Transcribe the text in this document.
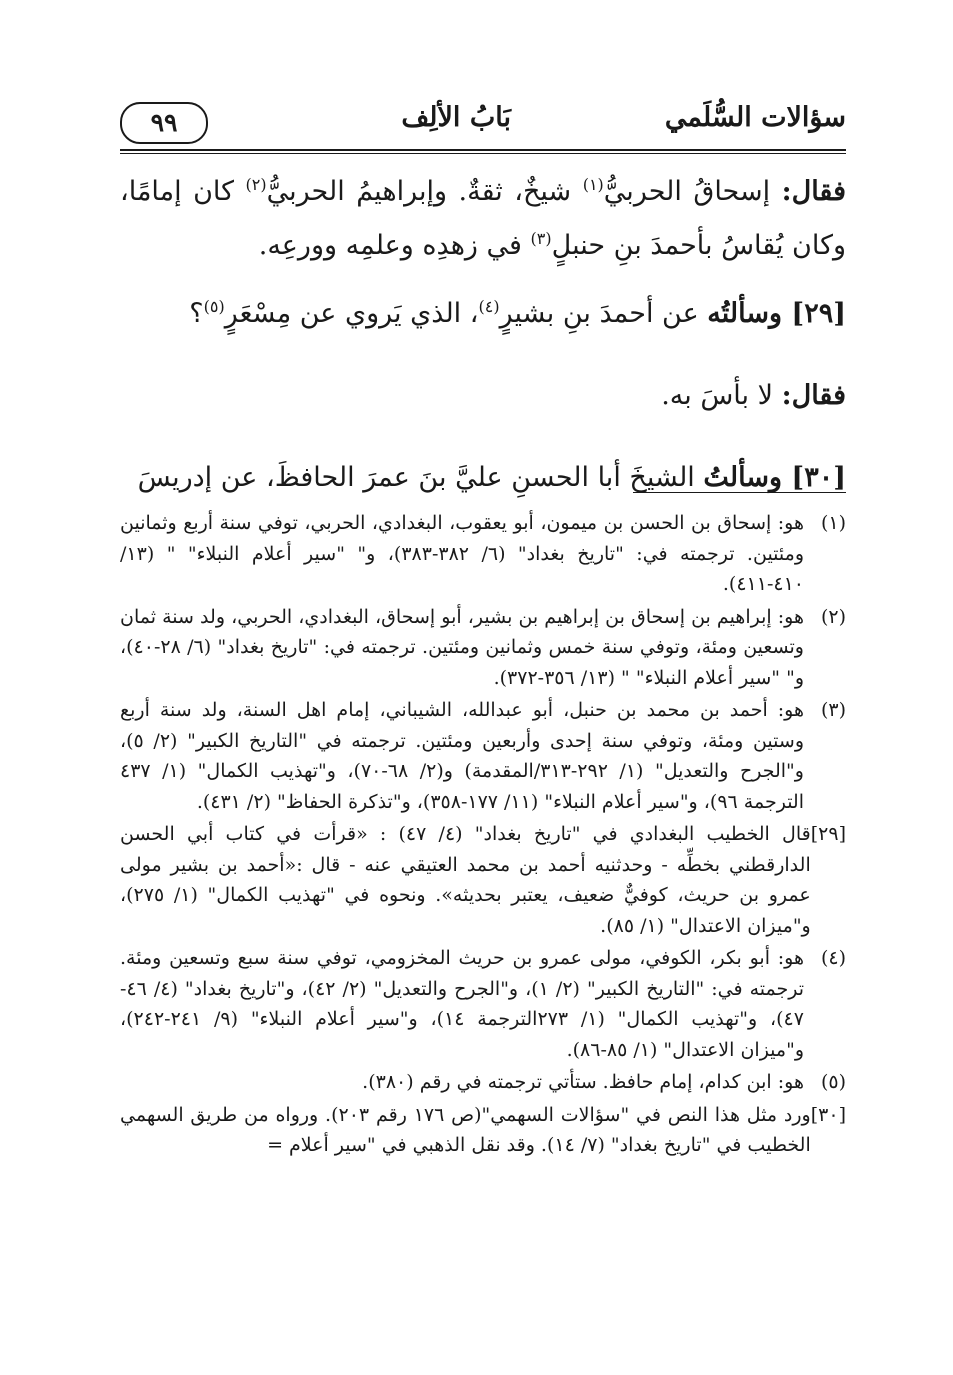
سؤالات السُّلَمي
بَابُ الألِف
٩٩

فقال: إسحاقُ الحربيُّ$^{(١)}$ شيخٌ، ثقةٌ. وإبراهيمُ الحربيُّ$^{(٢)}$ كان إمامًا، وكان يُقاسُ بأحمدَ بنِ حنبلٍ$^{(٣)}$ في زهدِه وعلمِه وورعِه.

[٢٩] وسألتُه عن أحمدَ بنِ بشيرٍ$^{(٤)}$، الذي يَروي عن مِسْعَرٍ$^{(٥)}$؟

فقال: لا بأسَ به.

[٣٠] وسألتُ الشيخَ أبا الحسنِ عليَّ بنَ عمرَ الحافظَ، عن إدريسَ

(١)
هو: إسحاق بن الحسن بن ميمون، أبو يعقوب، البغدادي، الحربي، توفي سنة أربع وثمانين ومئتين. ترجمته في: "تاريخ بغداد" (٦/ ٣٨٢-٣٨٣)، و" "سير أعلام النبلاء" " (١٣/ ٤١٠-٤١١).
(٢)
هو: إبراهيم بن إسحاق بن إبراهيم بن بشير، أبو إسحاق، البغدادي، الحربي، ولد سنة ثمان وتسعين ومئة، وتوفي سنة خمس وثمانين ومئتين. ترجمته في: "تاريخ بغداد" (٦/ ٢٨-٤٠)، و" "سير أعلام النبلاء" " (١٣/ ٣٥٦-٣٧٢).
(٣)
هو: أحمد بن محمد بن حنبل، أبو عبدالله، الشيباني، إمام اهل السنة، ولد سنة أربع وستين ومئة، وتوفي سنة إحدى وأربعين ومئتين. ترجمته في "التاريخ الكبير" (٢/ ٥)، و"الجرح والتعديل" (١/ ٢٩٢-٣١٣/المقدمة) و(٢/ ٦٨-٧٠)، و"تهذيب الكمال" (١/ ٤٣٧ الترجمة ٩٦)، و"سير أعلام النبلاء" (١١/ ١٧٧-٣٥٨)، و"تذكرة الحفاظ" (٢/ ٤٣١).
[٢٩]
قال الخطيب البغدادي في "تاريخ بغداد" (٤/ ٤٧) : «قرأت في كتاب أبي الحسن الدارقطني بخطِّه - وحدثنيه أحمد بن محمد العتيقي عنه - قال :«أحمد بن بشير مولى عمرو بن حريث، كوفيٌّ ضعيف، يعتبر بحديثه». ونحوه في "تهذيب الكمال" (١/ ٢٧٥)، و"ميزان الاعتدال" (١/ ٨٥).
(٤)
هو: أبو بكر، الكوفي، مولى عمرو بن حريث المخزومي، توفي سنة سبع وتسعين ومئة. ترجمته في: "التاريخ الكبير" (٢/ ١)، و"الجرح والتعديل" (٢/ ٤٢)، و"تاريخ بغداد" (٤/ ٤٦- ٤٧)، و"تهذيب الكمال" (١/ ٢٧٣الترجمة ١٤)، و"سير أعلام النبلاء" (٩/ ٢٤١-٢٤٢)، و"ميزان الاعتدال" (١/ ٨٥-٨٦).
(٥)
هو: ابن كدام، إمام حافظ. ستأتي ترجمته في رقم (٣٨٠).
[٣٠]
ورد مثل هذا النص في "سؤالات السهمي"(ص ١٧٦ رقم ٢٠٣). ورواه من طريق السهمي الخطيب في "تاريخ بغداد" (٧/ ١٤). وقد نقل الذهبي في "سير أعلام =
